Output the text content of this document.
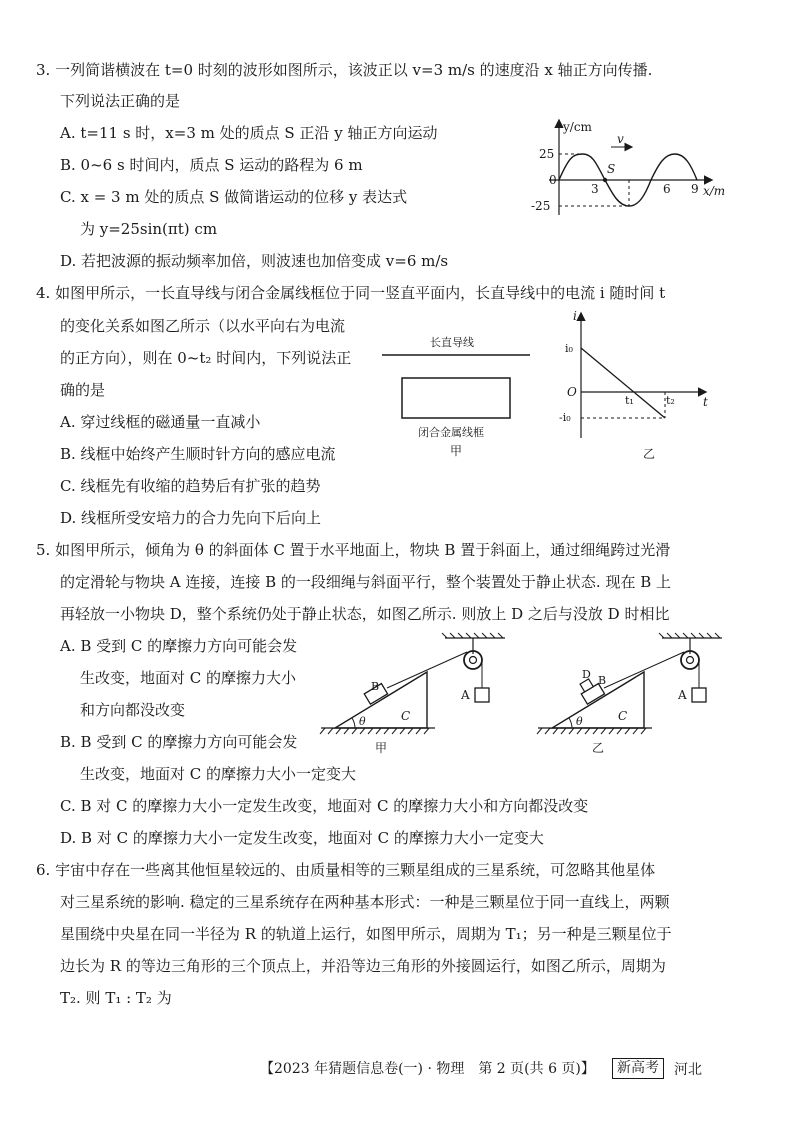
3. 一列简谐横波在 t=0 时刻的波形如图所示，该波正以 v=3 m/s 的速度沿 x 轴正方向传播.
下列说法正确的是
A. t=11 s 时，x=3 m 处的质点 S 正沿 y 轴正方向运动
B. 0~6 s 时间内，质点 S 运动的路程为 6 m
C. x = 3 m 处的质点 S 做简谐运动的位移 y 表达式
为 y=25sin(πt) cm
D. 若把波源的振动频率加倍，则波速也加倍变成 v=6 m/s
y/cm
x/m
25
0
-25
S
v
3	6 9
4. 如图甲所示，一长直导线与闭合金属线框位于同一竖直平面内，长直导线中的电流 i 随时间 t
的变化关系如图乙所示（以水平向右为电流
的正方向），则在 0~t₂ 时间内，下列说法正
确的是
A. 穿过线框的磁通量一直减小
B. 线框中始终产生顺时针方向的感应电流
C. 线框先有收缩的趋势后有扩张的趋势
D. 线框所受安培力的合力先向下后向上
长直导线
闭合金属线框
甲
i
t
i₀
O
-i₀
t₁	t₂
乙
5. 如图甲所示，倾角为 θ 的斜面体 C 置于水平地面上，物块 B 置于斜面上，通过细绳跨过光滑
的定滑轮与物块 A 连接，连接 B 的一段细绳与斜面平行，整个装置处于静止状态. 现在 B 上
再轻放一小物块 D，整个系统仍处于静止状态，如图乙所示. 则放上 D 之后与没放 D 时相比
A. B 受到 C 的摩擦力方向可能会发
生改变，地面对 C 的摩擦力大小
和方向都没改变
B. B 受到 C 的摩擦力方向可能会发
生改变，地面对 C 的摩擦力大小一定变大
C. B 对 C 的摩擦力大小一定发生改变，地面对 C 的摩擦力大小和方向都没改变
D. B 对 C 的摩擦力大小一定发生改变，地面对 C 的摩擦力大小一定变大
A
B
C
θ
甲
A
B
D
C
θ
乙
6. 宇宙中存在一些离其他恒星较远的、由质量相等的三颗星组成的三星系统，可忽略其他星体
对三星系统的影响. 稳定的三星系统存在两种基本形式：一种是三颗星位于同一直线上，两颗
星围绕中央星在同一半径为 R 的轨道上运行，如图甲所示，周期为 T₁；另一种是三颗星位于
边长为 R 的等边三角形的三个顶点上，并沿等边三角形的外接圆运行，如图乙所示，周期为
T₂. 则 T₁ : T₂ 为
【2023 年猜题信息卷(一) · 物理　第 2 页(共 6 页)】	新高考	河北
